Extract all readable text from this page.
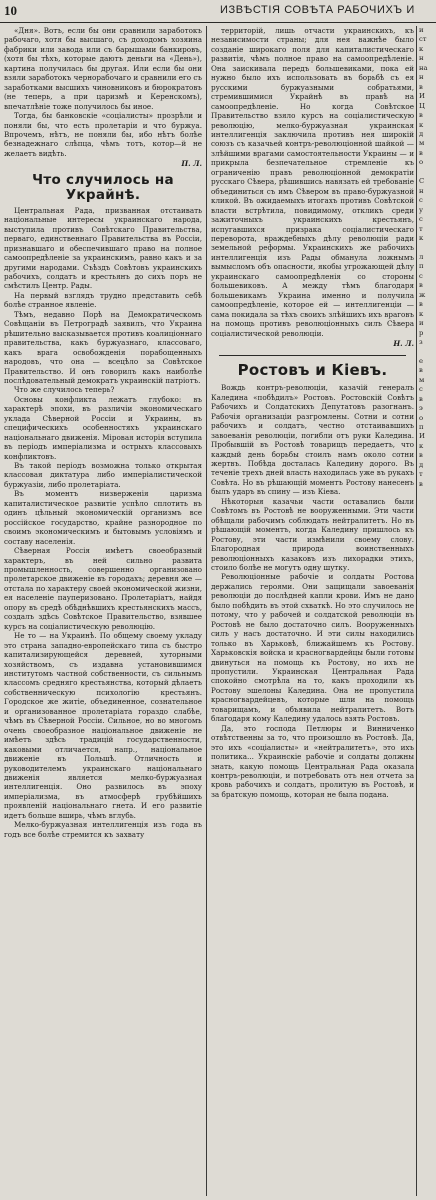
10	ИЗВѢСТІЯ СОВѢТА РАБОЧИХЪ И

«Дня». Вотъ, если бы они сравнили заработокъ рабочаго, хотя бы высшаго, съ доходомъ хозяина фабрики или завода или съ барышами банкировъ, (хотя бы тѣхъ, которые даютъ деньги на «День»), картина получилась бы другая. Или если бы они взяли заработокъ чернорабочаго и сравнили его съ заработками высшихъ чиновниковъ и бюрократовъ (не теперь, а при царизмѣ и Керенскомъ), впечатлѣніе тоже получилось бы иное.

Тогда, бы банковскіе «соціалисты» прозрѣли и поняли бы, что есть пролетаріи и что буржуа. Впрочемъ, нѣтъ, не поняли бы, ибо нѣтъ болѣе безнадежнаго слѣпца, чѣмъ тотъ, котор—й не желаетъ видѣть.

П. Л.
Что случилось на Украйнѣ.

Центральная Рада, призванная отстаивать національные интересы украинскаго народа, выступила противъ Совѣтскаго Правительства, перваго, единственнаго Правительства въ Россіи, признавшаго и обеспечившаго право на полное самоопредѣленіе за украинскимъ, равно какъ и за другими народами. Съѣздъ Совѣтовъ украинскихъ рабочихъ, солдатъ и крестьянъ до сихъ поръ не смѣстилъ Центр. Рады.

На первый взглядъ трудно представить себѣ болѣе странное явленіе.

Тѣмъ, недавно Порѣ на Демократическомъ Совѣщаніи въ Петроградѣ заявилъ, что Украина рѣшительно высказывается противъ коалиціоннаго правительства, какъ буржуазнаго, классоваго, какъ врага освобожденія порабощенныхъ народовъ, что она — всецѣло за Совѣтское Правительство. И онъ говорилъ какъ наиболѣе послѣдовательный демократъ украинскій патріотъ.

Что же случилось теперь?

Основы конфликта лежатъ глубоко: въ характерѣ эпохи, въ различіи экономическаго уклада Сѣверной Россіи и Украины, въ специфическихъ особенностяхъ украинскаго національнаго движенія. Міровая исторія вступила въ періодъ имперіализма и острыхъ классовыхъ конфликтовъ.

Въ такой періодъ возможна только открытая классовая диктатура либо имперіалистической буржуазіи, либо пролетаріата.

Въ моментъ низверженія царизма капиталистическое развитіе успѣло сплотить въ одинъ цѣльный экономическій организмъ все россійское государство, крайне разнородное по своимъ экономическимъ и бытовымъ условіямъ и составу населенія.

Сѣверная Россія имѣетъ своеобразный характеръ, въ ней сильно развита промышленность, совершенно организовано пролетарское движеніе въ городахъ; деревня же — отстала по характеру своей экономической жизни, ея населеніе пауперизовано. Пролетаріатъ, найдя опору въ средѣ обѣднѣвшихъ крестьянскихъ массъ, создалъ здѣсь Совѣтское Правительство, взявшее курсъ на соціалистическую революцію.

Не то — на Украинѣ. По общему своему укладу это страна западно-европейскаго типа съ быстро капитализирующейся деревней, хуторными хозяйствомъ, съ издавна установившимся институтомъ частной собственности, съ сильнымъ классомъ средняго крестьянства, который дѣлаетъ собственническую психологію крестьянъ. Городское же житіе, объединенное, сознательное и организованное пролетаріата гораздо слабѣе, чѣмъ въ Сѣверной Россіи. Сильное, но во многомъ очень своеобразное національное движеніе не имѣетъ здѣсь традицій государственности, каковыми отличается, напр., національное движеніе въ Польшѣ. Отличность и руководителемъ украинскаго національнаго движенія является мелко-буржуазная интеллигенція. Оно развилось въ эпоху имперіализма, въ атмосферѣ грубѣйшихъ проявленій національнаго гнета. И его развитіе идетъ больше вширь, чѣмъ вглубь.

Мелко-буржуазная интеллигенція изъ года въ годъ все болѣе стремится къ захвату

территорій, лишь отчасти украинскихъ, къ независимости страны; для нея важнѣе было созданіе широкаго поля для капиталистическаго развитія, чѣмъ полное право на самоопредѣленіе. Она заискивала передъ большевиками, пока ей нужно было ихъ использовать въ борьбѣ съ ея русскими буржуазными собратьями, стремившимися Украйнѣ въ правѣ на самоопредѣленіе. Но когда Совѣтское Правительство взяло курсъ на соціалистическую революцію, мелко-буржуазная украинская интеллигенція заключила противъ нея широкій союзъ съ казачьей контръ-революціонной шайкой — злѣйшими врагами самостоятельности Украины — и прикрыла безпечательное стремленіе къ ограниченію правъ революціонной демократіи русскаго Сѣвера, рѣшившись навязать ей требованіе объединиться съ имъ Сѣвером въ право-буржуазной кликой. Въ ожидаемыхъ итогахъ противъ Совѣтской власти встрѣтила, повидимому, откликъ среди зажиточныхъ украинскихъ крестьянъ, испугавшихся призрака соціалистическаго переворота, враждебныхъ дѣлу революціи ради земельной реформы. Украинскихъ же рабочихъ интеллигенція изъ Рады обманула ложнымъ вымысломъ объ опасности, якобы угрожающей дѣлу украинскаго самоопредѣленія со стороны большевиковъ. А между тѣмъ благодаря большевикамъ Украина именно и получила самоопредѣленіе, которое ей — интеллигенціи —сама покидала за тѣхъ своихъ злѣйшихъ ихъ враговъ на помощь противъ революціонныхъ силъ Сѣвера соціалистической революціи.

Н. Л.
Ростовъ и Кіевъ.

Вождь контръ-революціи, казачій генералъ Каледина «побѣдилъ» Ростовъ. Ростовскій Совѣтъ Рабочихъ и Солдатскихъ Депутатовъ разогнанъ. Рабочія организаціи разгромлены. Сотни и сотни рабочихъ и солдатъ, честно отстаивавшихъ завоеванія революціи, погибли отъ руки Каледина. Пробывшій въ Ростовѣ товарищъ передаетъ, что каждый день борьбы стоилъ намъ около сотни жертвъ. Побѣда досталась Каледину дорого. Въ теченіе трехъ дней власть находилась уже въ рукахъ Совѣта. Но въ рѣшающій моментъ Ростову нанесенъ былъ ударъ въ спину — изъ Кіева.

Нѣкоторыя казачьи части оставались были Совѣтомъ въ Ростовѣ не вооруженными. Эти части обѣщали рабочимъ соблюдать нейтралитетъ. Но въ рѣшающій моментъ, когда Каледину пришлось къ Ростову, эти части измѣнили своему слову. Благородная природа воинственныхъ революціонныхъ казаковъ изъ лихорадки этихъ, стоило болѣе не могутъ одну шутку.

Революціонные рабочіе и солдаты Ростова держались героями. Они защищали завоеванія революціи до послѣдней капли крови. Имъ не дано было побѣдить въ этой схваткѣ. Но это случилось не потому, что у рабочей и солдатской революціи въ Ростовѣ не было достаточно силъ. Вооруженныхъ силъ у насъ достаточно. И эти силы находились только въ Харьковѣ, ближайшемъ къ Ростову. Харьковскія войска и красногвардейцы были готовы двинуться на помощь къ Ростову, но ихъ не пропустили. Украинская Центральная Рада спокойно смотрѣла на то, какъ проходили къ Ростову эшелоны Каледина. Она не пропустила красногвардейцевъ, которые шли на помощь товарищамъ, и объявила нейтралитетъ. Вотъ благодаря кому Каледину удалось взять Ростовъ.

Да, это господа Петлюры и Винниченко отвѣтственны за то, что произошло въ Ростовѣ. Да, это ихъ «соціалисты» и «нейтралитетъ», это ихъ политика... Украинскіе рабочіе и солдаты должны знать, какую помощь Центральная Рада оказала контръ-революціи, и потребовать отъ нея отчета за кровь рабочихъ и солдатъ, пролитую въ Ростовѣ, и за братскую помощь, которая не была подана.

и
ст
к
н
на
н
в
И
Ц
в
к
д
м
в
о

С
н
с
у
с
т
к

л
п
с
в
ж
в
к
и
р
з

е
в
м
с
в
э
о
п
И
к
в
д
т
в
